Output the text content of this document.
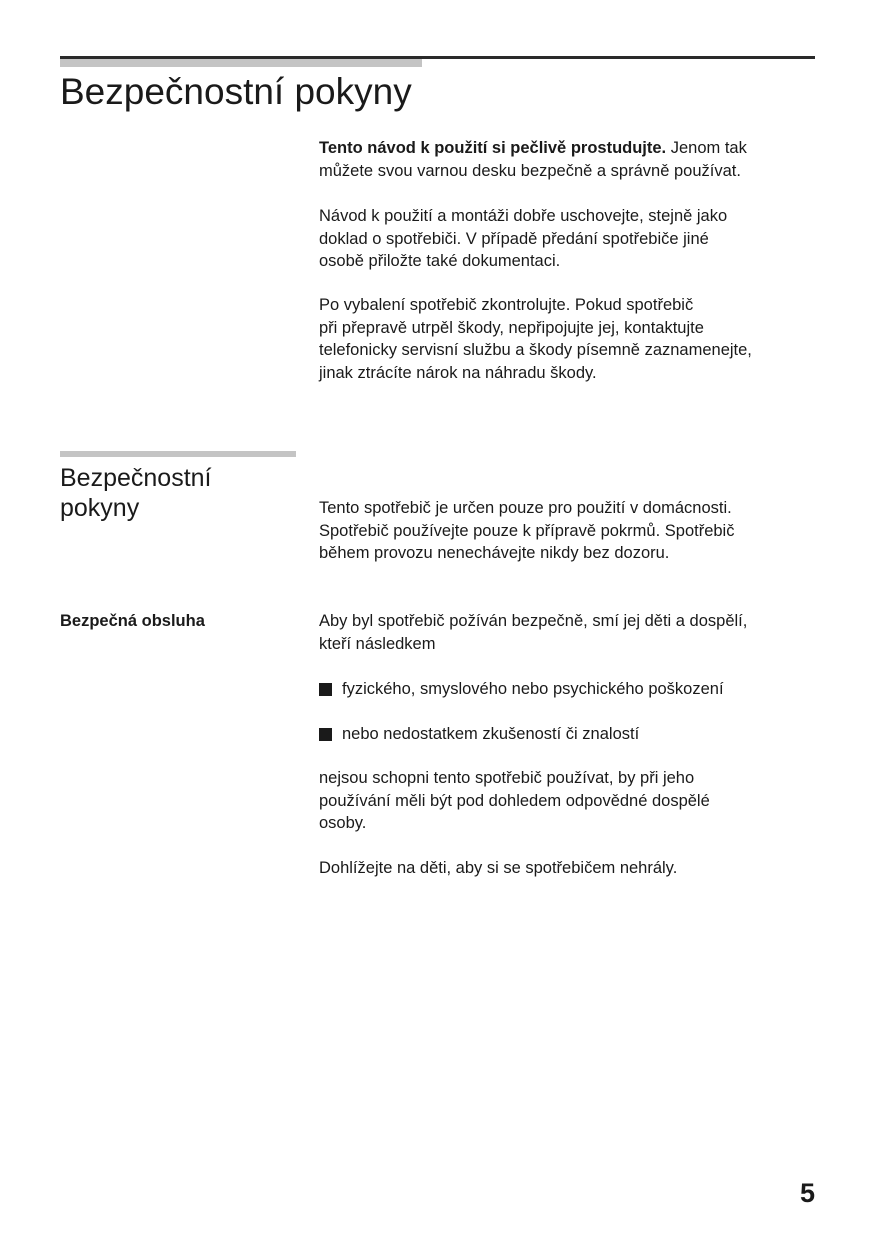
Bezpečnostní pokyny

Tento návod k použití si pečlivě prostudujte. Jenom tak
můžete svou varnou desku bezpečně a správně používat.

Návod k použití a montáži dobře uschovejte, stejně jako
doklad o spotřebiči. V případě předání spotřebiče jiné
osobě přiložte také dokumentaci.

Po vybalení spotřebič zkontrolujte. Pokud spotřebič
při přepravě utrpěl škody, nepřipojujte jej, kontaktujte
telefonicky servisní službu a škody písemně zaznamenejte,
jinak ztrácíte nárok na náhradu škody.

Bezpečnostní
pokyny	Tento spotřebič je určen pouze pro použití v domácnosti.
Spotřebič používejte pouze k přípravě pokrmů. Spotřebič
během provozu nenechávejte nikdy bez dozoru.

Bezpečná obsluha	Aby byl spotřebič požíván bezpečně, smí jej děti a dospělí,
kteří následkem

fyzického, smyslového nebo psychického poškození
nebo nedostatkem zkušeností či znalostí

nejsou schopni tento spotřebič používat, by při jeho
používání měli být pod dohledem odpovědné dospělé
osoby.

Dohlížejte na děti, aby si se spotřebičem nehrály.

5
